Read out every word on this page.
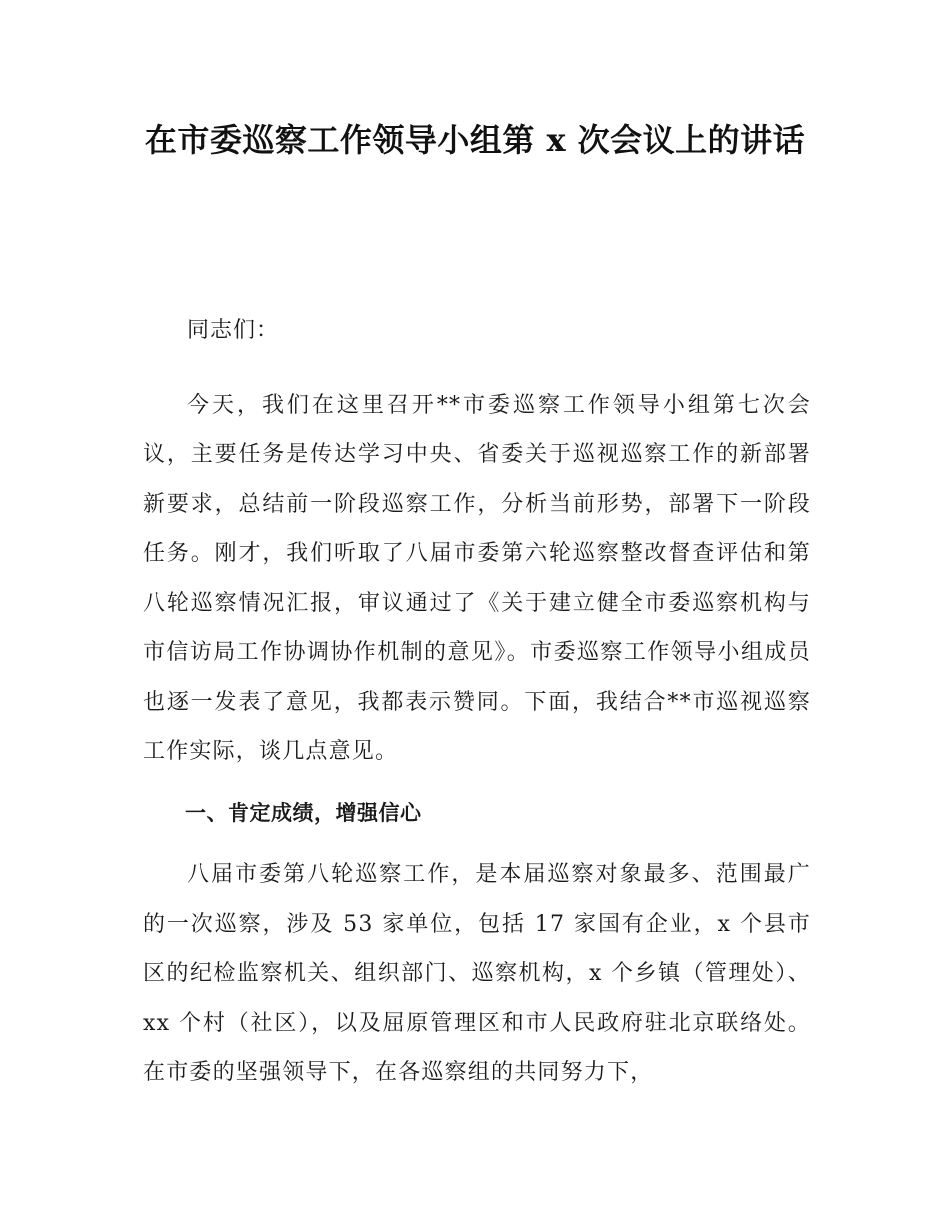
在市委巡察工作领导小组第 x 次会议上的讲话

同志们：

今天，我们在这里召开**市委巡察工作领导小组第七次会议，主要任务是传达学习中央、省委关于巡视巡察工作的新部署新要求，总结前一阶段巡察工作，分析当前形势，部署下一阶段任务。刚才，我们听取了八届市委第六轮巡察整改督查评估和第八轮巡察情况汇报，审议通过了《关于建立健全市委巡察机构与市信访局工作协调协作机制的意见》。市委巡察工作领导小组成员也逐一发表了意见，我都表示赞同。下面，我结合**市巡视巡察工作实际，谈几点意见。

一、肯定成绩，增强信心

八届市委第八轮巡察工作，是本届巡察对象最多、范围最广的一次巡察，涉及 53 家单位，包括 17 家国有企业，x 个县市区的纪检监察机关、组织部门、巡察机构，x 个乡镇（管理处）、xx 个村（社区），以及屈原管理区和市人民政府驻北京联络处。在市委的坚强领导下，在各巡察组的共同努力下，
